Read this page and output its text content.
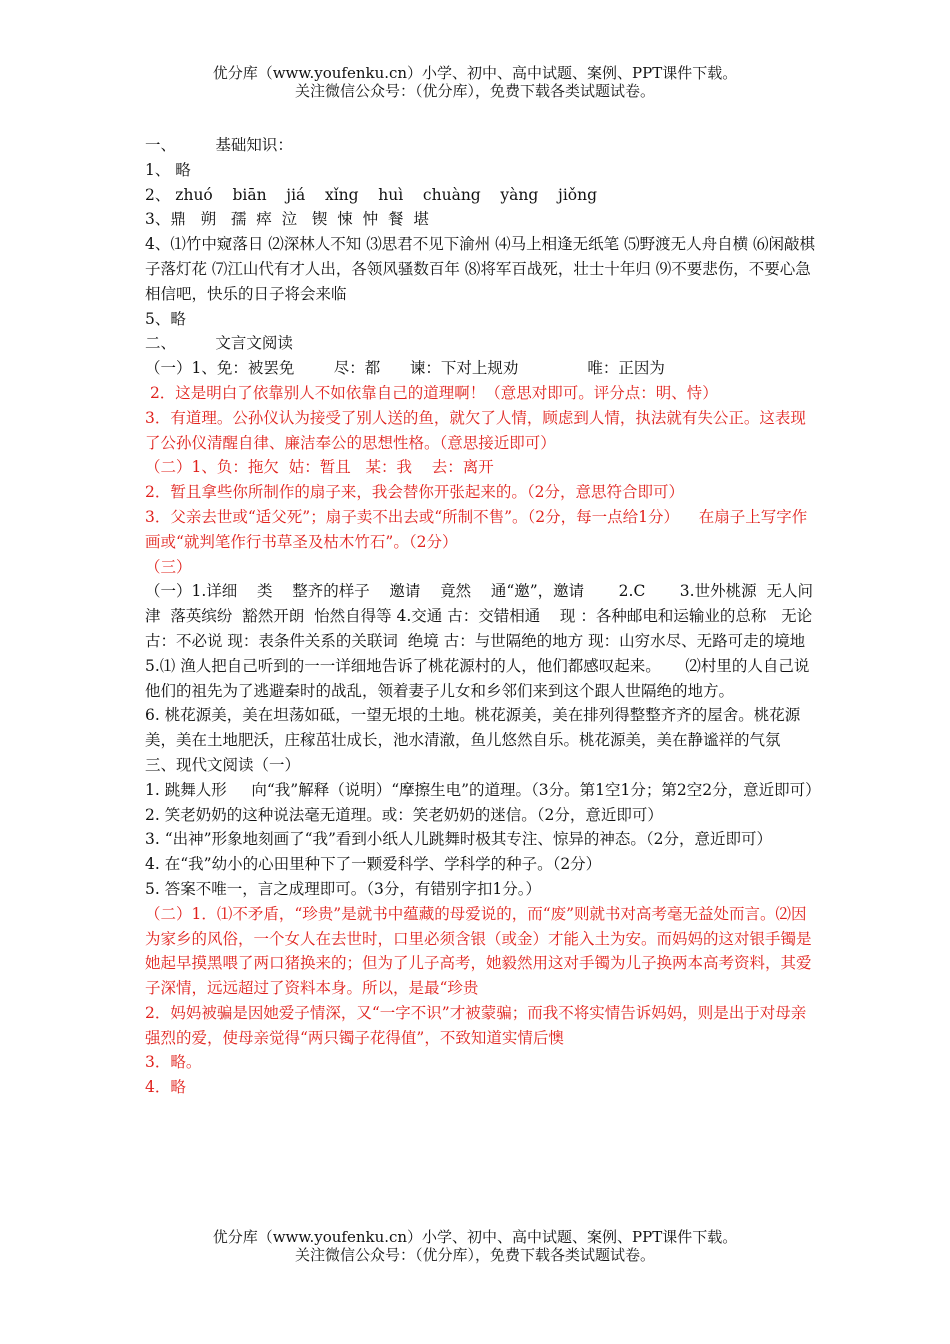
优分库（www.youfenku.cn）小学、初中、高中试题、案例、PPT课件下载。
关注微信公众号：（优分库），免费下载各类试题试卷。

一、        基础知识：

1、 略

2、 zhuó    biān    jiá    xǐng    huì    chuàng    yàng    jiǒng

3、鼎   朔   孺  瘁  泣   锲  悚  忡  餐  堪

4、⑴竹中窥落日 ⑵深林人不知 ⑶思君不见下渝州 ⑷马上相逢无纸笔 ⑸野渡无人舟自横 ⑹闲敲棋子落灯花 ⑺江山代有才人出，各领风骚数百年 ⑻将军百战死，壮士十年归 ⑼不要悲伤，不要心急    相信吧，快乐的日子将会来临

5、略

二、        文言文阅读

（一）1、免：被罢免        尽：都      谏：下对上规劝              唯：正因为

2．这是明白了依靠别人不如依靠自己的道理啊！（意思对即可。评分点：明、恃）

3．有道理。公孙仪认为接受了别人送的鱼，就欠了人情，顾虑到人情，执法就有失公正。这表现了公孙仪清醒自律、廉洁奉公的思想性格。（意思接近即可）

（二）1、负：拖欠  姑：暂且   某：我    去：离开

2．暂且拿些你所制作的扇子来，我会替你开张起来的。（2分，意思符合即可）

3．父亲去世或“适父死”；扇子卖不出去或“所制不售”。（2分，每一点给1分）    在扇子上写字作画或“就判笔作行书草圣及枯木竹石”。（2分）

（三）

（一）1.详细    类    整齐的样子    邀请    竟然    通“邀”，邀请       2.C       3.世外桃源  无人问津  落英缤纷  豁然开朗  怡然自得等 4.交通 古：交错相通    现 ：各种邮电和运输业的总称   无论 古：不必说 现：表条件关系的关联词  绝境 古：与世隔绝的地方 现：山穷水尽、无路可走的境地    5.⑴ 渔人把自己听到的一一详细地告诉了桃花源村的人，他们都感叹起来。     ⑵村里的人自己说他们的祖先为了逃避秦时的战乱，领着妻子儿女和乡邻们来到这个跟人世隔绝的地方。

6. 桃花源美，美在坦荡如砥，一望无垠的土地。桃花源美，美在排列得整整齐齐的屋舍。桃花源美，美在土地肥沃，庄稼茁壮成长，池水清澈，鱼儿悠然自乐。桃花源美，美在静谧祥的气氛

三、现代文阅读（一）

1. 跳舞人形     向“我”解释（说明）“摩擦生电”的道理。（3分。第1空1分；第2空2分，意近即可）

2. 笑老奶奶的这种说法毫无道理。或：笑老奶奶的迷信。（2分，意近即可）

3. “出神”形象地刻画了“我”看到小纸人儿跳舞时极其专注、惊异的神态。（2分，意近即可）

4. 在“我”幼小的心田里种下了一颗爱科学、学科学的种子。（2分）

5. 答案不唯一，言之成理即可。（3分，有错别字扣1分。）

（二）1．⑴不矛盾，“珍贵”是就书中蕴藏的母爱说的，而“废”则就书对高考毫无益处而言。⑵因为家乡的风俗，一个女人在去世时，口里必须含银（或金）才能入土为安。而妈妈的这对银手镯是她起早摸黑喂了两口猪换来的；但为了儿子高考，她毅然用这对手镯为儿子换两本高考资料，其爱子深情，远远超过了资料本身。所以，是最“珍贵

2．妈妈被骗是因她爱子情深，又“一字不识”才被蒙骗；而我不将实情告诉妈妈，则是出于对母亲强烈的爱，使母亲觉得“两只镯子花得值”，不致知道实情后懊

3．略。

4．略

优分库（www.youfenku.cn）小学、初中、高中试题、案例、PPT课件下载。
关注微信公众号：（优分库），免费下载各类试题试卷。
